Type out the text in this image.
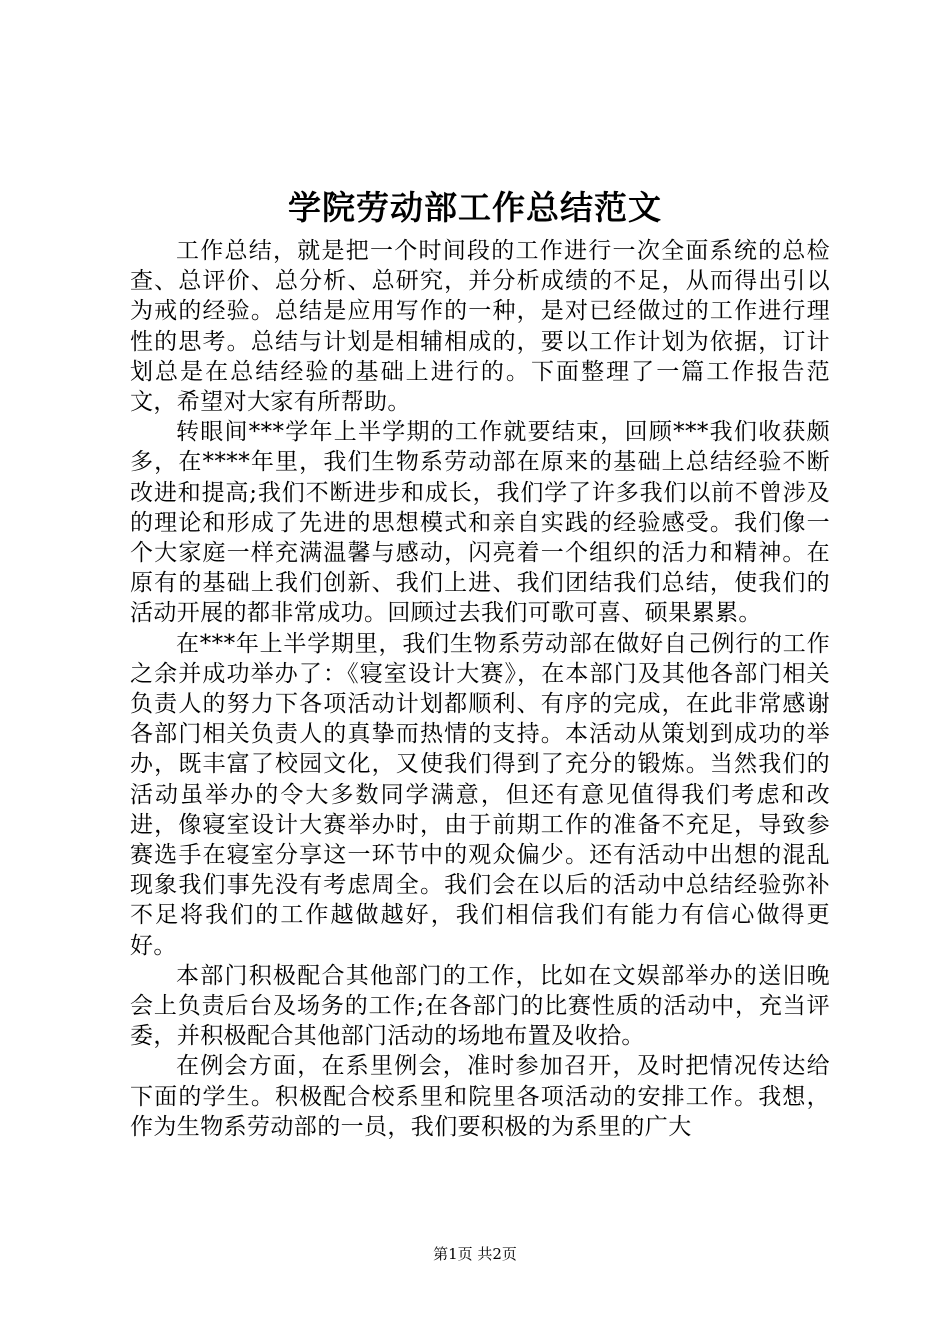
学院劳动部工作总结范文

工作总结，就是把一个时间段的工作进行一次全面系统的总检查、总评价、总分析、总研究，并分析成绩的不足，从而得出引以为戒的经验。总结是应用写作的一种，是对已经做过的工作进行理性的思考。总结与计划是相辅相成的，要以工作计划为依据，订计划总是在总结经验的基础上进行的。下面整理了一篇工作报告范文，希望对大家有所帮助。

转眼间***学年上半学期的工作就要结束，回顾***我们收获颇多，在****年里，我们生物系劳动部在原来的基础上总结经验不断改进和提高;我们不断进步和成长，我们学了许多我们以前不曾涉及的理论和形成了先进的思想模式和亲自实践的经验感受。我们像一个大家庭一样充满温馨与感动，闪亮着一个组织的活力和精神。在原有的基础上我们创新、我们上进、我们团结我们总结，使我们的活动开展的都非常成功。回顾过去我们可歌可喜、硕果累累。

在***年上半学期里，我们生物系劳动部在做好自己例行的工作之余并成功举办了：《寝室设计大赛》，在本部门及其他各部门相关负责人的努力下各项活动计划都顺利、有序的完成，在此非常感谢各部门相关负责人的真挚而热情的支持。本活动从策划到成功的举办，既丰富了校园文化，又使我们得到了充分的锻炼。当然我们的活动虽举办的令大多数同学满意，但还有意见值得我们考虑和改进，像寝室设计大赛举办时，由于前期工作的准备不充足，导致参赛选手在寝室分享这一环节中的观众偏少。还有活动中出想的混乱现象我们事先没有考虑周全。我们会在以后的活动中总结经验弥补不足将我们的工作越做越好，我们相信我们有能力有信心做得更好。

本部门积极配合其他部门的工作，比如在文娱部举办的送旧晚会上负责后台及场务的工作;在各部门的比赛性质的活动中，充当评委，并积极配合其他部门活动的场地布置及收拾。

在例会方面，在系里例会，准时参加召开，及时把情况传达给下面的学生。积极配合校系里和院里各项活动的安排工作。我想，作为生物系劳动部的一员，我们要积极的为系里的广大

第1页 共2页
